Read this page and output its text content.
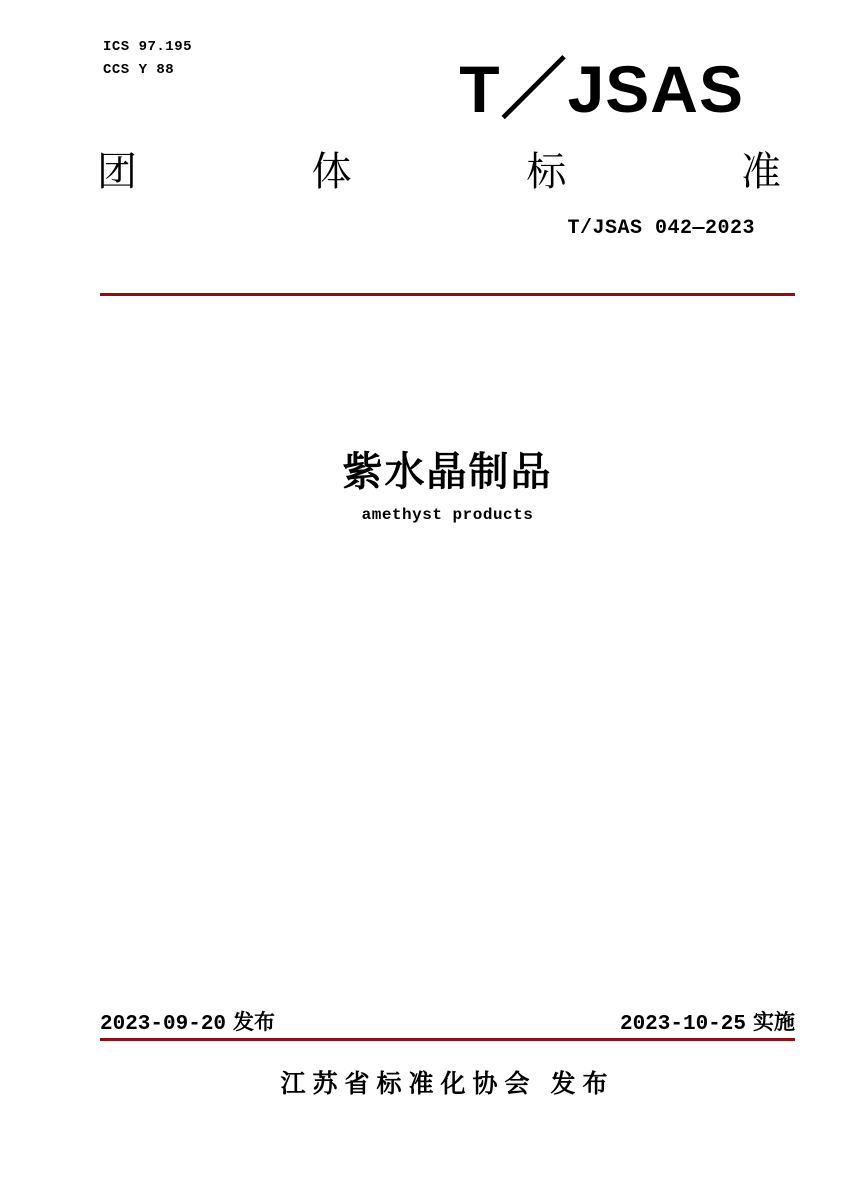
ICS 97.195
CCS Y 88	T／JSAS
团	体	标	准
T/JSAS 042—2023
紫水晶制品
amethyst products
2023-09-20 发布	2023-10-25 实施
江苏省标准化协会 发布
